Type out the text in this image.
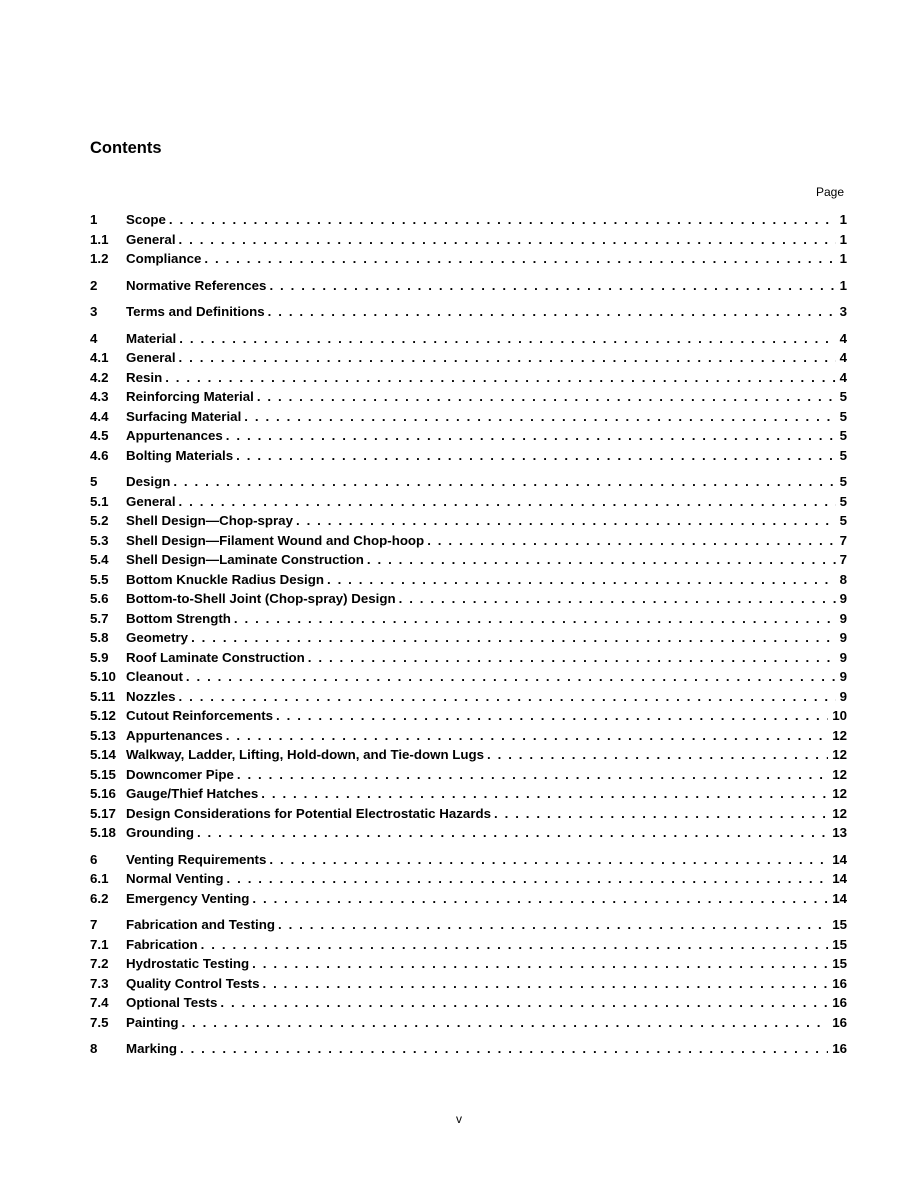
Contents
Page
1	Scope . . .	1
1.1	General . . .	1
1.2	Compliance . . .	1
2	Normative References . . .	1
3	Terms and Definitions . . .	3
4	Material . . .	4
4.1	General . . .	4
4.2	Resin . . .	4
4.3	Reinforcing Material . . .	5
4.4	Surfacing Material . . .	5
4.5	Appurtenances . . .	5
4.6	Bolting Materials . . .	5
5	Design . . .	5
5.1	General . . .	5
5.2	Shell Design—Chop-spray . . .	5
5.3	Shell Design—Filament Wound and Chop-hoop . . .	7
5.4	Shell Design—Laminate Construction . . .	7
5.5	Bottom Knuckle Radius Design . . .	8
5.6	Bottom-to-Shell Joint (Chop-spray) Design . . .	9
5.7	Bottom Strength . . .	9
5.8	Geometry . . .	9
5.9	Roof Laminate Construction . . .	9
5.10 Cleanout . . .	9
5.11 Nozzles . . .	9
5.12 Cutout Reinforcements . . .	10
5.13 Appurtenances . . .	12
5.14 Walkway, Ladder, Lifting, Hold-down, and Tie-down Lugs . . .	12
5.15 Downcomer Pipe . . .	12
5.16 Gauge/Thief Hatches . . .	12
5.17 Design Considerations for Potential Electrostatic Hazards . . .	12
5.18 Grounding . . .	13
6	Venting Requirements . . .	14
6.1	Normal Venting . . .	14
6.2	Emergency Venting . . .	14
7	Fabrication and Testing . . .	15
7.1	Fabrication . . .	15
7.2	Hydrostatic Testing . . .	15
7.3	Quality Control Tests . . .	16
7.4	Optional Tests . . .	16
7.5	Painting . . .	16
8	Marking . . .	16
v
